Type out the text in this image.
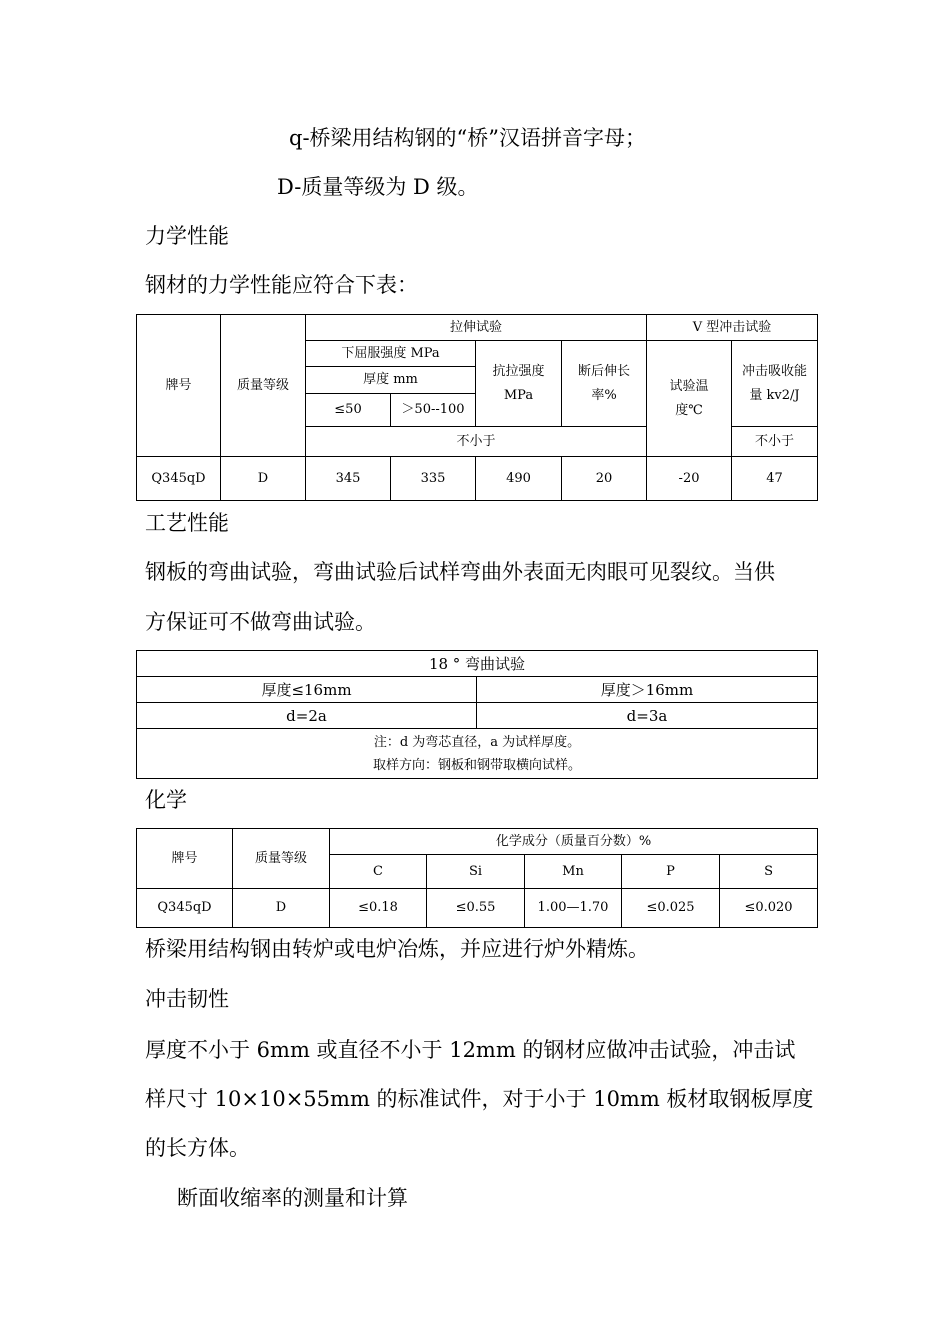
q-桥梁用结构钢的“桥”汉语拼音字母；
D-质量等级为 D 级。
力学性能
钢材的力学性能应符合下表：
牌号	质量等级	拉伸试验				V 型冲击试验	
		下屈服强度 MPa		抗拉强度MPa	断后伸长率%	试验温度℃	冲击吸收能量 kv2/J
		厚度 mm					
		≤50	＞50--100				
		不小于					不小于
Q345qD	D	345	335	490	20	-20	47
工艺性能
钢板的弯曲试验，弯曲试验后试样弯曲外表面无肉眼可见裂纹。当供
方保证可不做弯曲试验。
18 ° 弯曲试验	
厚度≤16mm	厚度＞16mm
d=2a	d=3a

注：d 为弯芯直径，a 为试样厚度。
取样方向：钢板和钢带取横向试样。	
化学
牌号	质量等级	化学成分（质量百分数）%				
		C	Si	Mn	P	S
Q345qD	D	≤0.18	≤0.55	1.00—1.70	≤0.025	≤0.020
桥梁用结构钢由转炉或电炉冶炼，并应进行炉外精炼。
冲击韧性
厚度不小于 6mm 或直径不小于 12mm 的钢材应做冲击试验，冲击试
样尺寸 10×10×55mm 的标准试件，对于小于 10mm 板材取钢板厚度
的长方体。
断面收缩率的测量和计算
